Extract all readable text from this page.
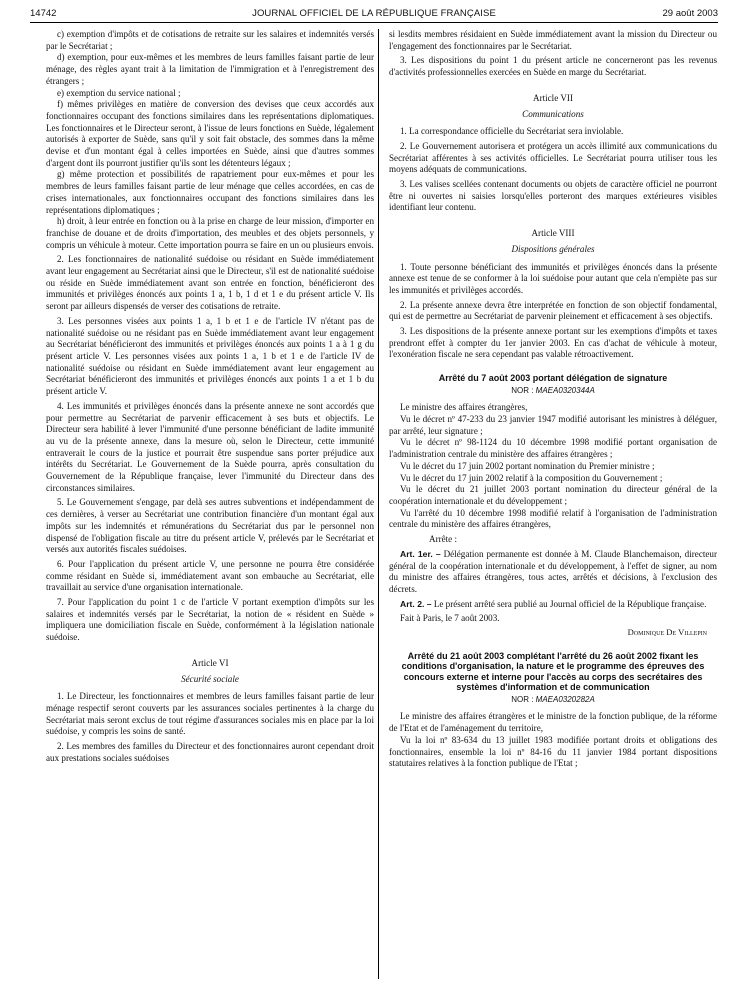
14742	JOURNAL OFFICIEL DE LA RÉPUBLIQUE FRANÇAISE	29 août 2003

c) exemption d'impôts et de cotisations de retraite sur les salaires et indemnités versés par le Secrétariat ;

d) exemption, pour eux-mêmes et les membres de leurs familles faisant partie de leur ménage, des règles ayant trait à la limitation de l'immigration et à l'enregistrement des étrangers ;

e) exemption du service national ;

f) mêmes privilèges en matière de conversion des devises que ceux accordés aux fonctionnaires occupant des fonctions similaires dans les représentations diplomatiques. Les fonctionnaires et le Directeur seront, à l'issue de leurs fonctions en Suède, légalement autorisés à exporter de Suède, sans qu'il y soit fait obstacle, des sommes dans la même devise et d'un montant égal à celles importées en Suède, ainsi que d'autres sommes d'argent dont ils pourront justifier qu'ils sont les détenteurs légaux ;

g) même protection et possibilités de rapatriement pour eux-mêmes et pour les membres de leurs familles faisant partie de leur ménage que celles accordées, en cas de crises internationales, aux fonctionnaires occupant des fonctions similaires dans les représentations diplomatiques ;

h) droit, à leur entrée en fonction ou à la prise en charge de leur mission, d'importer en franchise de douane et de droits d'importation, des meubles et des objets personnels, y compris un véhicule à moteur. Cette importation pourra se faire en un ou plusieurs envois.

2. Les fonctionnaires de nationalité suédoise ou résidant en Suède immédiatement avant leur engagement au Secrétariat ainsi que le Directeur, s'il est de nationalité suédoise ou réside en Suède immédiatement avant son entrée en fonction, bénéficieront des immunités et privilèges énoncés aux points 1 a, 1 b, 1 d et 1 e du présent article V. Ils seront par ailleurs dispensés de verser des cotisations de retraite.

3. Les personnes visées aux points 1 a, 1 b et 1 e de l'article IV n'étant pas de nationalité suédoise ou ne résidant pas en Suède immédiatement avant leur engagement au Secrétariat bénéficieront des immunités et privilèges énoncés aux points 1 a à 1 g du présent article V. Les personnes visées aux points 1 a, 1 b et 1 e de l'article IV de nationalité suédoise ou résidant en Suède immédiatement avant leur engagement au Secrétariat bénéficieront des immunités et privilèges énoncés aux points 1 a et 1 b du présent article V.

4. Les immunités et privilèges énoncés dans la présente annexe ne sont accordés que pour permettre au Secrétariat de parvenir efficacement à ses buts et objectifs. Le Directeur sera habilité à lever l'immunité d'une personne bénéficiant de ladite immunité au vu de la présente annexe, dans la mesure où, selon le Directeur, cette immunité entraverait le cours de la justice et pourrait être suspendue sans porter préjudice aux intérêts du Secrétariat. Le Gouvernement de la Suède pourra, après consultation du Gouvernement de la République française, lever l'immunité du Directeur dans des circonstances similaires.

5. Le Gouvernement s'engage, par delà ses autres subventions et indépendamment de ces dernières, à verser au Secrétariat une contribution financière d'un montant égal aux impôts sur les indemnités et rémunérations du Secrétariat dus par le personnel non dispensé de l'obligation fiscale au titre du présent article V, prélevés par le Secrétariat et versés aux autorités fiscales suédoises.

6. Pour l'application du présent article V, une personne ne pourra être considérée comme résidant en Suède si, immédiatement avant son embauche au Secrétariat, elle travaillait au service d'une organisation internationale.

7. Pour l'application du point 1 c de l'article V portant exemption d'impôts sur les salaires et indemnités versés par le Secrétariat, la notion de « résident en Suède » impliquera une domiciliation fiscale en Suède, conformément à la législation nationale suédoise.

Article VI

Sécurité sociale

1. Le Directeur, les fonctionnaires et membres de leurs familles faisant partie de leur ménage respectif seront couverts par les assurances sociales pertinentes à la charge du Secrétariat mais seront exclus de tout régime d'assurances sociales mis en place par la loi suédoise, y compris les soins de santé.

2. Les membres des familles du Directeur et des fonctionnaires auront cependant droit aux prestations sociales suédoises

si lesdits membres résidaient en Suède immédiatement avant la mission du Directeur ou l'engagement des fonctionnaires par le Secrétariat.

3. Les dispositions du point 1 du présent article ne concerneront pas les revenus d'activités professionnelles exercées en Suède en marge du Secrétariat.

Article VII

Communications

1. La correspondance officielle du Secrétariat sera inviolable.

2. Le Gouvernement autorisera et protégera un accès illimité aux communications du Secrétariat afférentes à ses activités officielles. Le Secrétariat pourra utiliser tous les moyens adéquats de communications.

3. Les valises scellées contenant documents ou objets de caractère officiel ne pourront être ni ouvertes ni saisies lorsqu'elles porteront des marques extérieures visibles identifiant leur contenu.

Article VIII

Dispositions générales

1. Toute personne bénéficiant des immunités et privilèges énoncés dans la présente annexe est tenue de se conformer à la loi suédoise pour autant que cela n'empiète pas sur les immunités et privilèges accordés.

2. La présente annexe devra être interprétée en fonction de son objectif fondamental, qui est de permettre au Secrétariat de parvenir pleinement et efficacement à ses objectifs.

3. Les dispositions de la présente annexe portant sur les exemptions d'impôts et taxes prendront effet à compter du 1er janvier 2003. En cas d'achat de véhicule à moteur, l'exonération fiscale ne sera cependant pas valable rétroactivement.

Arrêté du 7 août 2003 portant délégation de signature

NOR : MAEA0320344A

Le ministre des affaires étrangères,

Vu le décret nº 47-233 du 23 janvier 1947 modifié autorisant les ministres à déléguer, par arrêté, leur signature ;

Vu le décret nº 98-1124 du 10 décembre 1998 modifié portant organisation de l'administration centrale du ministère des affaires étrangères ;

Vu le décret du 17 juin 2002 portant nomination du Premier ministre ;

Vu le décret du 17 juin 2002 relatif à la composition du Gouvernement ;

Vu le décret du 21 juillet 2003 portant nomination du directeur général de la coopération internationale et du développement ;

Vu l'arrêté du 10 décembre 1998 modifié relatif à l'organisation de l'administration centrale du ministère des affaires étrangères,

Arrête :

Art. 1er. – Délégation permanente est donnée à M. Claude Blanchemaison, directeur général de la coopération internationale et du développement, à l'effet de signer, au nom du ministre des affaires étrangères, tous actes, arrêtés et décisions, à l'exclusion des décrets.

Art. 2. – Le présent arrêté sera publié au Journal officiel de la République française.

Fait à Paris, le 7 août 2003.

Dominique De Villepin

Arrêté du 21 août 2003 complétant l'arrêté du 26 août 2002 fixant les conditions d'organisation, la nature et le programme des épreuves des concours externe et interne pour l'accès au corps des secrétaires des systèmes d'information et de communication

NOR : MAEA0320282A

Le ministre des affaires étrangères et le ministre de la fonction publique, de la réforme de l'Etat et de l'aménagement du territoire,

Vu la loi nº 83-634 du 13 juillet 1983 modifiée portant droits et obligations des fonctionnaires, ensemble la loi nº 84-16 du 11 janvier 1984 portant dispositions statutaires relatives à la fonction publique de l'Etat ;
